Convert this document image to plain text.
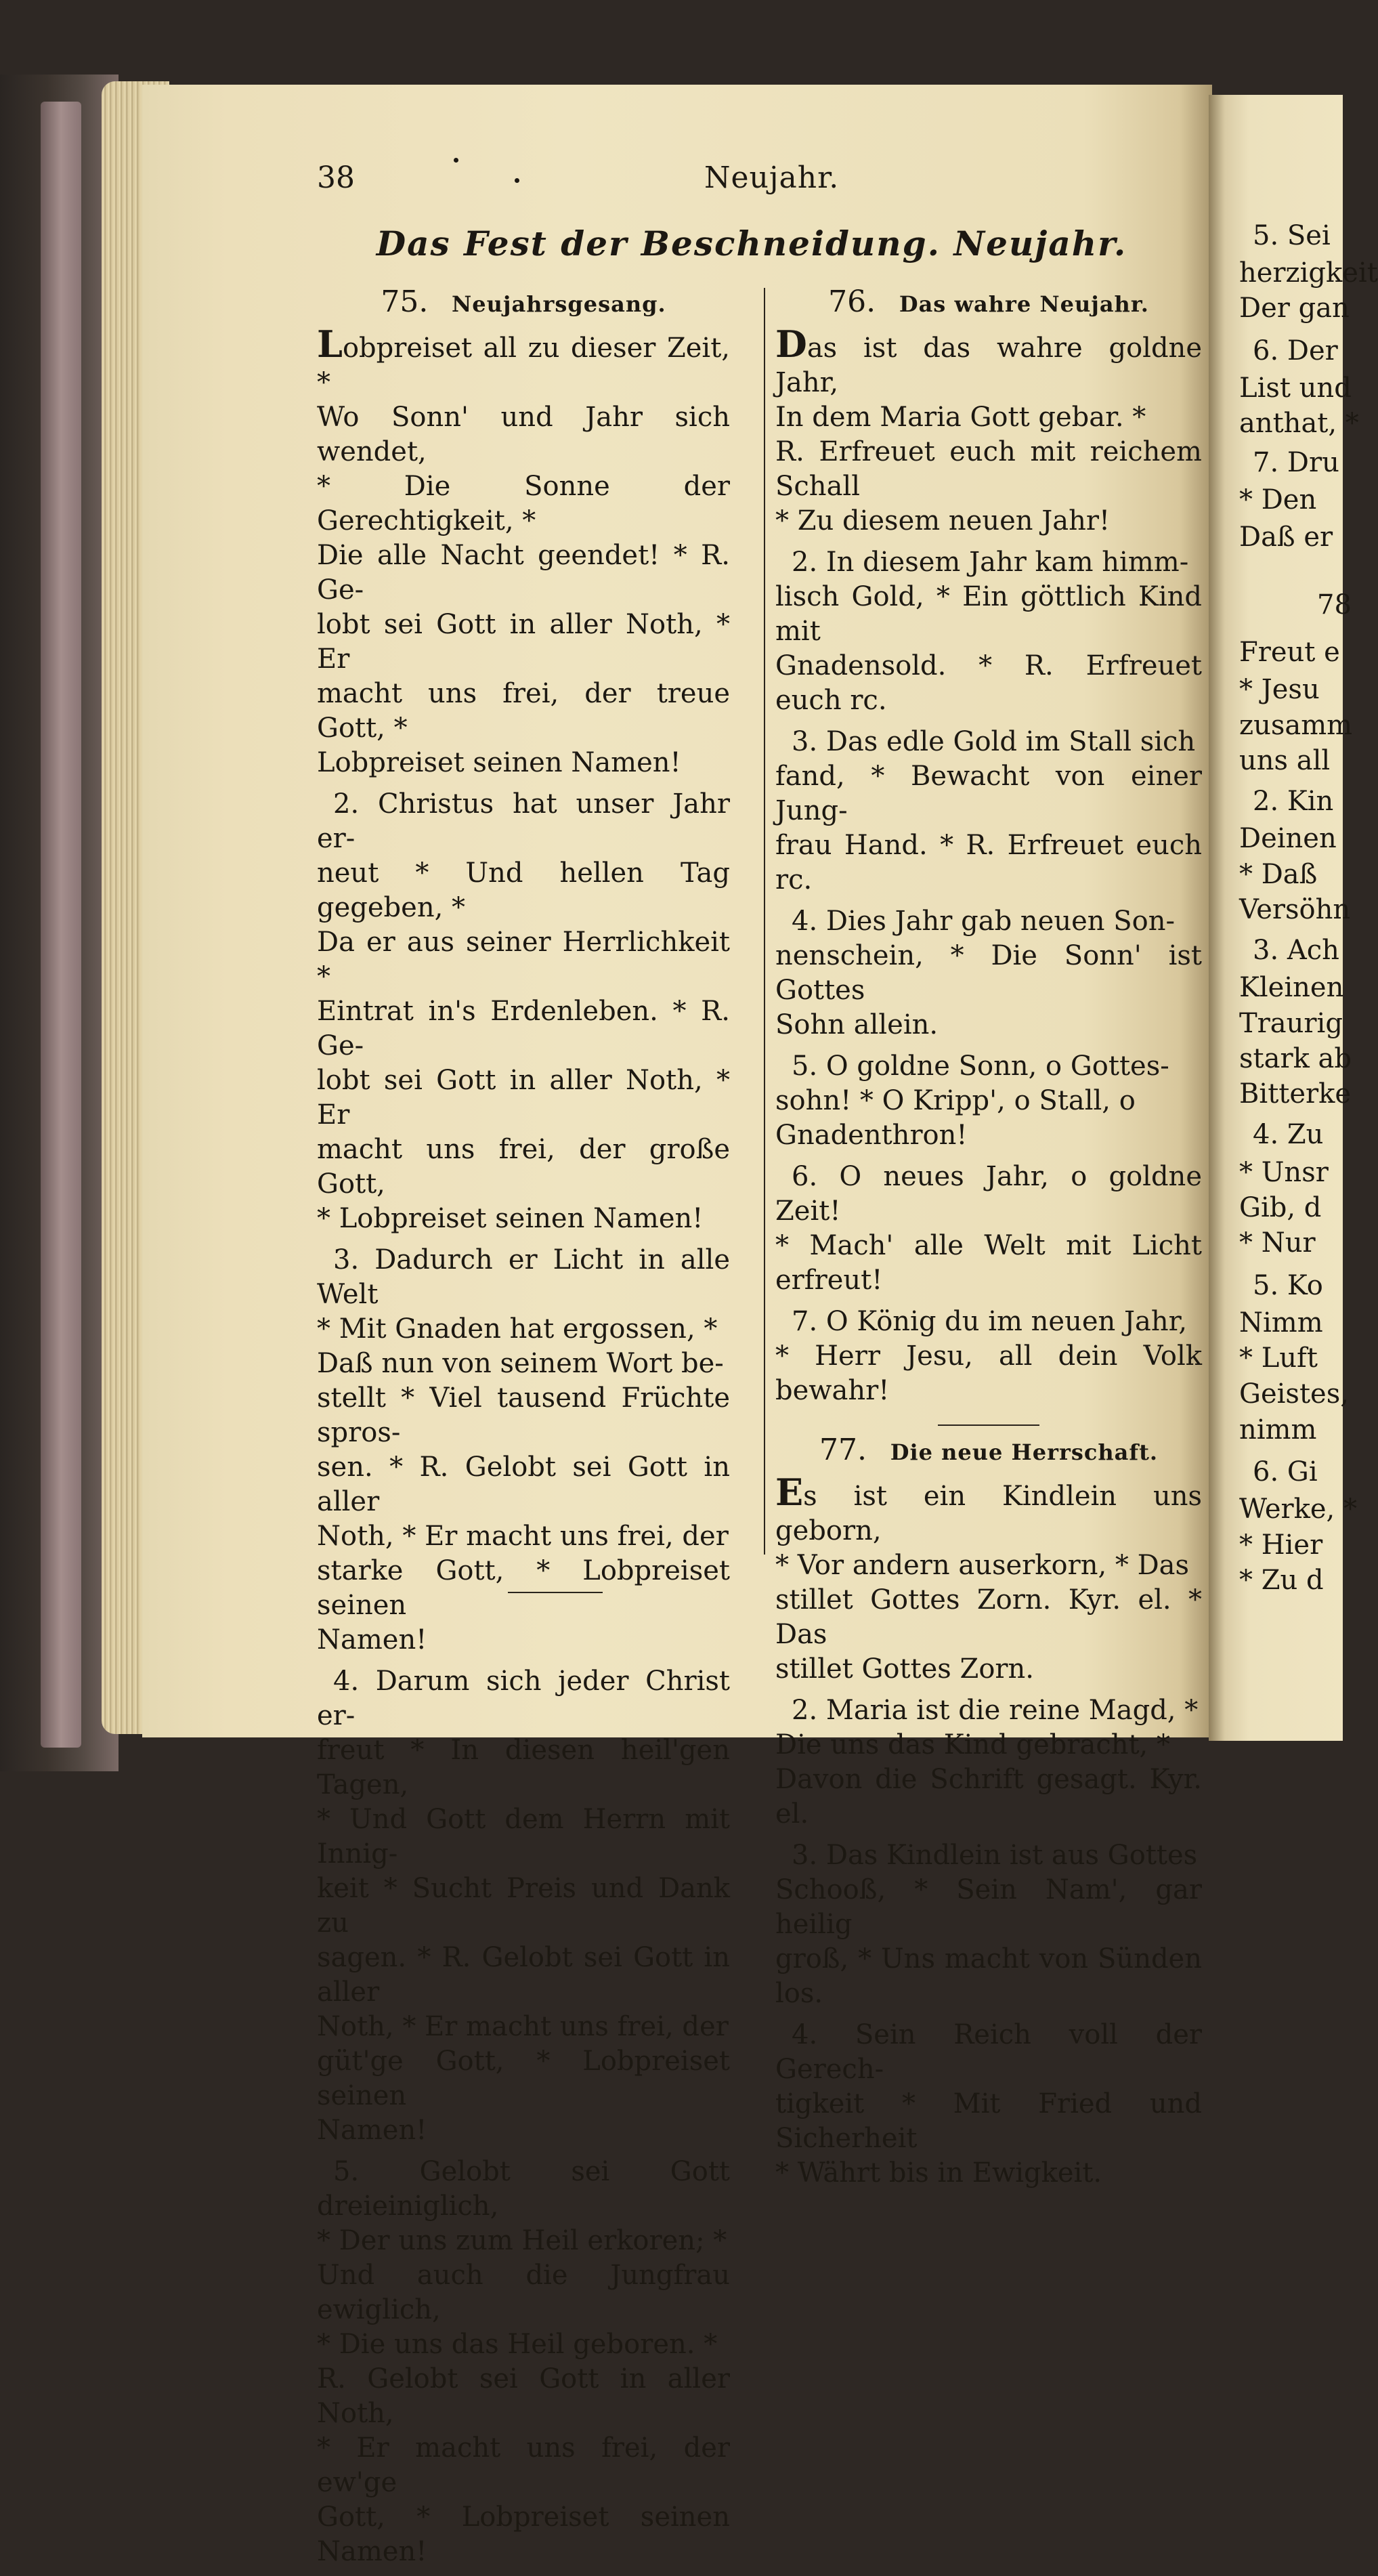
38	Neujahr.
Das Fest der Beschneidung. Neujahr.
75. Neujahrsgesang.

Lobpreiset all zu dieser Zeit, *

Wo Sonn' und Jahr sich wendet,

* Die Sonne der Gerechtigkeit, *

Die alle Nacht geendet! * R. Ge-

lobt sei Gott in aller Noth, * Er

macht uns frei, der treue Gott, *

Lobpreiset seinen Namen!

2. Christus hat unser Jahr er-

neut * Und hellen Tag gegeben, *

Da er aus seiner Herrlichkeit *

Eintrat in's Erdenleben. * R. Ge-

lobt sei Gott in aller Noth, * Er

macht uns frei, der große Gott,

* Lobpreiset seinen Namen!

3. Dadurch er Licht in alle Welt

* Mit Gnaden hat ergossen, *

Daß nun von seinem Wort be-

stellt * Viel tausend Früchte spros-

sen. * R. Gelobt sei Gott in aller

Noth, * Er macht uns frei, der

starke Gott, * Lobpreiset seinen

Namen!

4. Darum sich jeder Christ er-

freut * In diesen heil'gen Tagen,

* Und Gott dem Herrn mit Innig-

keit * Sucht Preis und Dank zu

sagen. * R. Gelobt sei Gott in aller

Noth, * Er macht uns frei, der

güt'ge Gott, * Lobpreiset seinen

Namen!

5. Gelobt sei Gott dreieiniglich,

* Der uns zum Heil erkoren; *

Und auch die Jungfrau ewiglich,

* Die uns das Heil geboren. *

R. Gelobt sei Gott in aller Noth,

* Er macht uns frei, der ew'ge

Gott, * Lobpreiset seinen Namen!

76. Das wahre Neujahr.

Das ist das wahre goldne Jahr,

In dem Maria Gott gebar. *

R. Erfreuet euch mit reichem Schall

* Zu diesem neuen Jahr!

2. In diesem Jahr kam himm-

lisch Gold, * Ein göttlich Kind mit

Gnadensold. * R. Erfreuet euch rc.

3. Das edle Gold im Stall sich

fand, * Bewacht von einer Jung-

frau Hand. * R. Erfreuet euch rc.

4. Dies Jahr gab neuen Son-

nenschein, * Die Sonn' ist Gottes

Sohn allein.

5. O goldne Sonn, o Gottes-

sohn! * O Kripp', o Stall, o

Gnadenthron!

6. O neues Jahr, o goldne Zeit!

* Mach' alle Welt mit Licht erfreut!

7. O König du im neuen Jahr,

* Herr Jesu, all dein Volk bewahr!

77. Die neue Herrschaft.

Es ist ein Kindlein uns geborn,

* Vor andern auserkorn, * Das

stillet Gottes Zorn. Kyr. el. * Das

stillet Gottes Zorn.

2. Maria ist die reine Magd, *

Die uns das Kind gebracht, *

Davon die Schrift gesagt. Kyr. el.

3. Das Kindlein ist aus Gottes

Schooß, * Sein Nam', gar heilig

groß, * Uns macht von Sünden los.

4. Sein Reich voll der Gerech-

tigkeit * Mit Fried und Sicherheit

* Währt bis in Ewigkeit.

5. Sei
herzigkeit
Der gan
6. Der
List und
anthat, *
7. Dru
* Den
Daß er
78
Freut e
* Jesu
zusamm
uns all
2. Kin
Deinen
* Daß
Versöhn
3. Ach
Kleinen
Traurig
stark ab
Bitterke
4. Zu
* Unsr
Gib, d
* Nur
5. Ko
Nimm
* Luft
Geistes,
nimm
6. Gi
Werke, *
* Hier
* Zu d
